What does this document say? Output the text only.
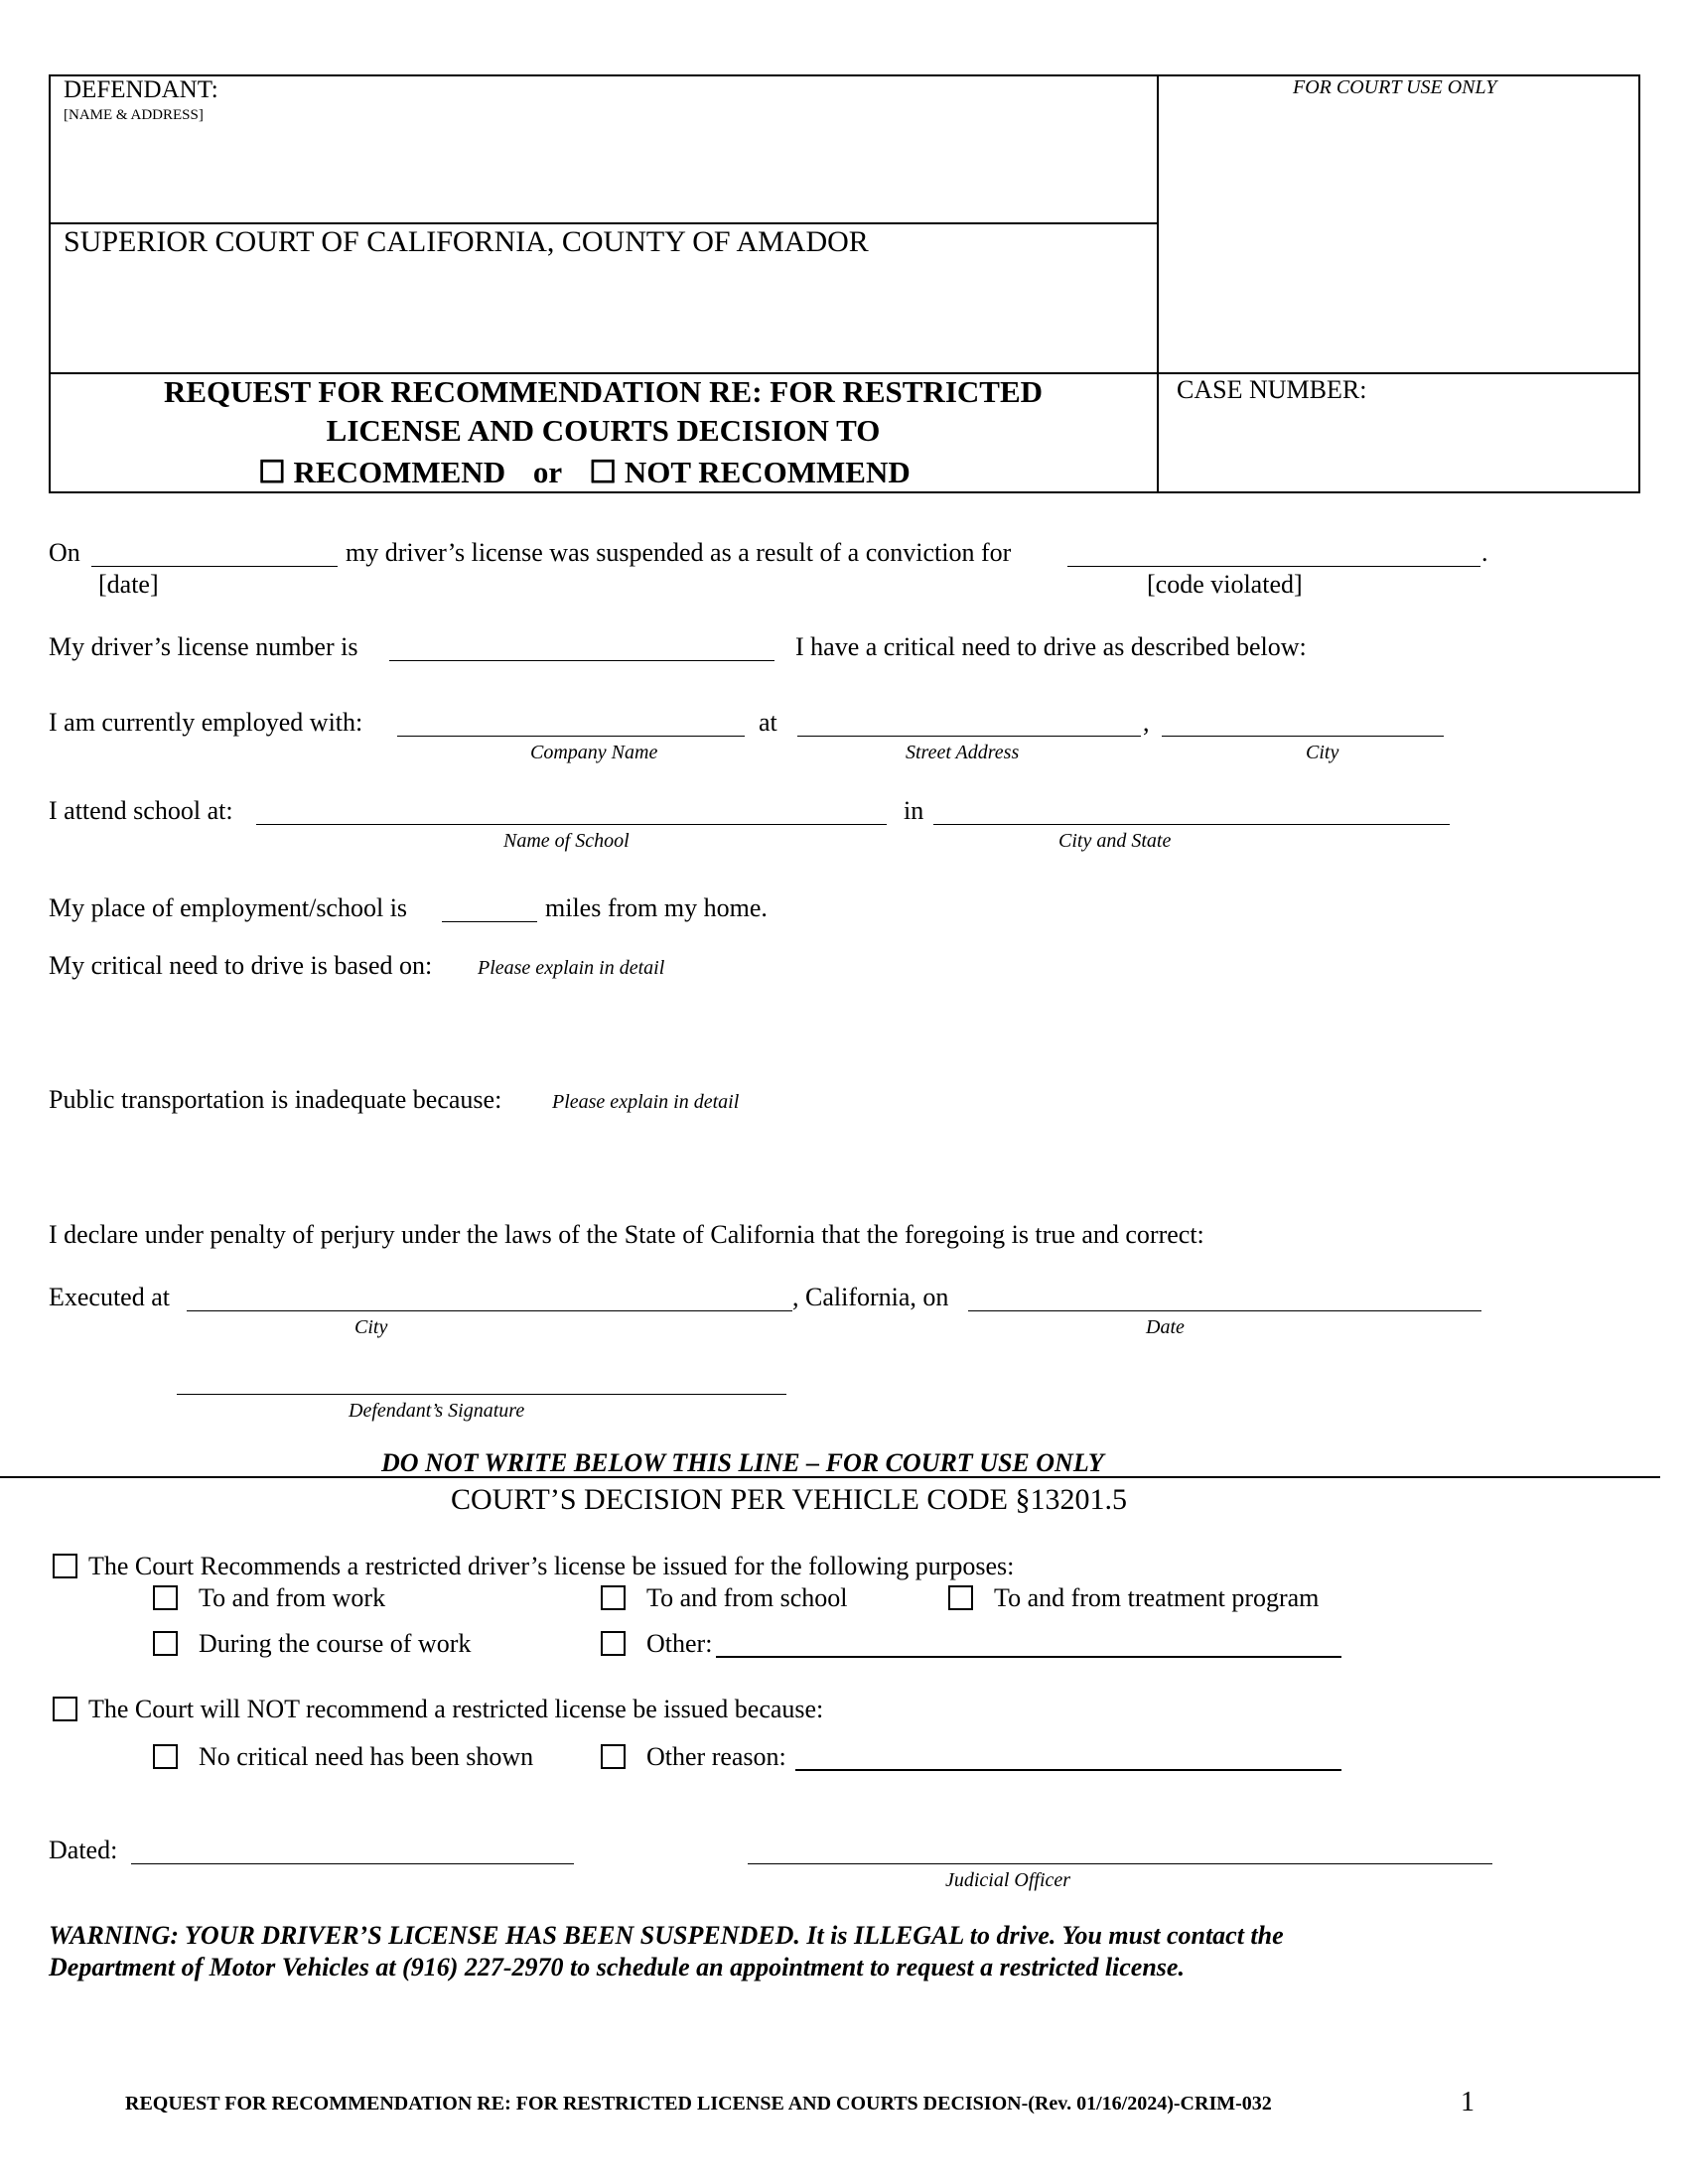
DEFENDANT:
[NAME & ADDRESS]
FOR COURT USE ONLY
SUPERIOR COURT OF CALIFORNIA, COUNTY OF AMADOR
REQUEST FOR RECOMMENDATION RE: FOR RESTRICTED
LICENSE AND COURTS DECISION TO
☐ RECOMMEND or ☐ NOT RECOMMEND
CASE NUMBER:
On	my driver’s license was suspended as a result of a conviction for	.
[date]	[code violated]
My driver’s license number is	I have a critical need to drive as described below:
I am currently employed with:	at	,
Company Name	Street Address	City
I attend school at:	in
Name of School	City and State
My place of employment/school is	miles from my home.
My critical need to drive is based on: Please explain in detail
Public transportation is inadequate because:	Please explain in detail
I declare under penalty of perjury under the laws of the State of California that the foregoing is true and correct:
Executed at	, California, on
City	Date
Defendant’s Signature
DO NOT WRITE BELOW THIS LINE – FOR COURT USE ONLY
COURT’S DECISION PER VEHICLE CODE §13201.5
The Court Recommends a restricted driver’s license be issued for the following purposes:
To and from work	To and from school	To and from treatment program
During the course of work	Other:
The Court will NOT recommend a restricted license be issued because:
No critical need has been shown	Other reason:
Dated:
Judicial Officer
WARNING: YOUR DRIVER’S LICENSE HAS BEEN SUSPENDED. It is ILLEGAL to drive. You must contact the
Department of Motor Vehicles at (916) 227-2970 to schedule an appointment to request a restricted license.
REQUEST FOR RECOMMENDATION RE: FOR RESTRICTED LICENSE AND COURTS DECISION-(Rev. 01/16/2024)-CRIM-032	1
